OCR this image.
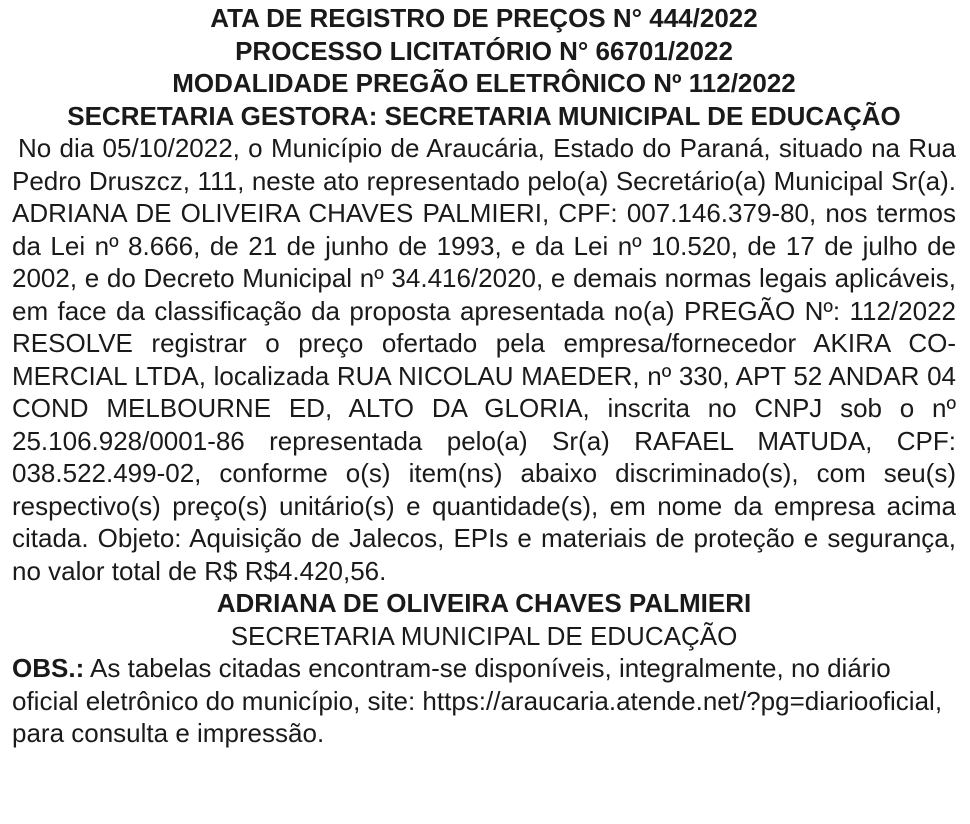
ATA DE REGISTRO DE PREÇOS N° 444/2022
PROCESSO LICITATÓRIO N° 66701/2022
MODALIDADE PREGÃO ELETRÔNICO Nº 112/2022
SECRETARIA GESTORA: SECRETARIA MUNICIPAL DE EDUCAÇÃO

No dia 05/10/2022, o Município de Araucária, Estado do Paraná, situado na Rua Pedro Druszcz, 111, neste ato representado pelo(a) Secretário(a) Municipal Sr(a). ADRIANA DE OLIVEIRA CHAVES PALMIERI, CPF: 007.146.379-80, nos termos da Lei nº 8.666, de 21 de junho de 1993, e da Lei nº 10.520, de 17 de julho de 2002, e do Decreto Municipal nº 34.416/2020, e demais normas legais aplicáveis, em face da classificação da proposta apresentada no(a) PREGÃO Nº: 112/2022 RESOLVE registrar o preço ofertado pela empresa/fornecedor AKIRA COMERCIAL LTDA, localizada RUA NICOLAU MAEDER, nº 330, APT 52 ANDAR 04 COND MELBOURNE ED, ALTO DA GLORIA, inscrita no CNPJ sob o nº 25.106.928/0001-86 representada pelo(a) Sr(a) RAFAEL MATUDA, CPF: 038.522.499-02, conforme o(s) item(ns) abaixo discriminado(s), com seu(s) respectivo(s) preço(s) unitário(s) e quantidade(s), em nome da empresa acima citada. Objeto: Aquisição de Jalecos, EPIs e materiais de proteção e segurança, no valor total de R$ R$4.420,56.

ADRIANA DE OLIVEIRA CHAVES PALMIERI
SECRETARIA MUNICIPAL DE EDUCAÇÃO

OBS.: As tabelas citadas encontram-se disponíveis, integralmente, no diário oficial eletrônico do município, site: https://araucaria.atende.net/?pg=diariooficial, para consulta e impressão.
